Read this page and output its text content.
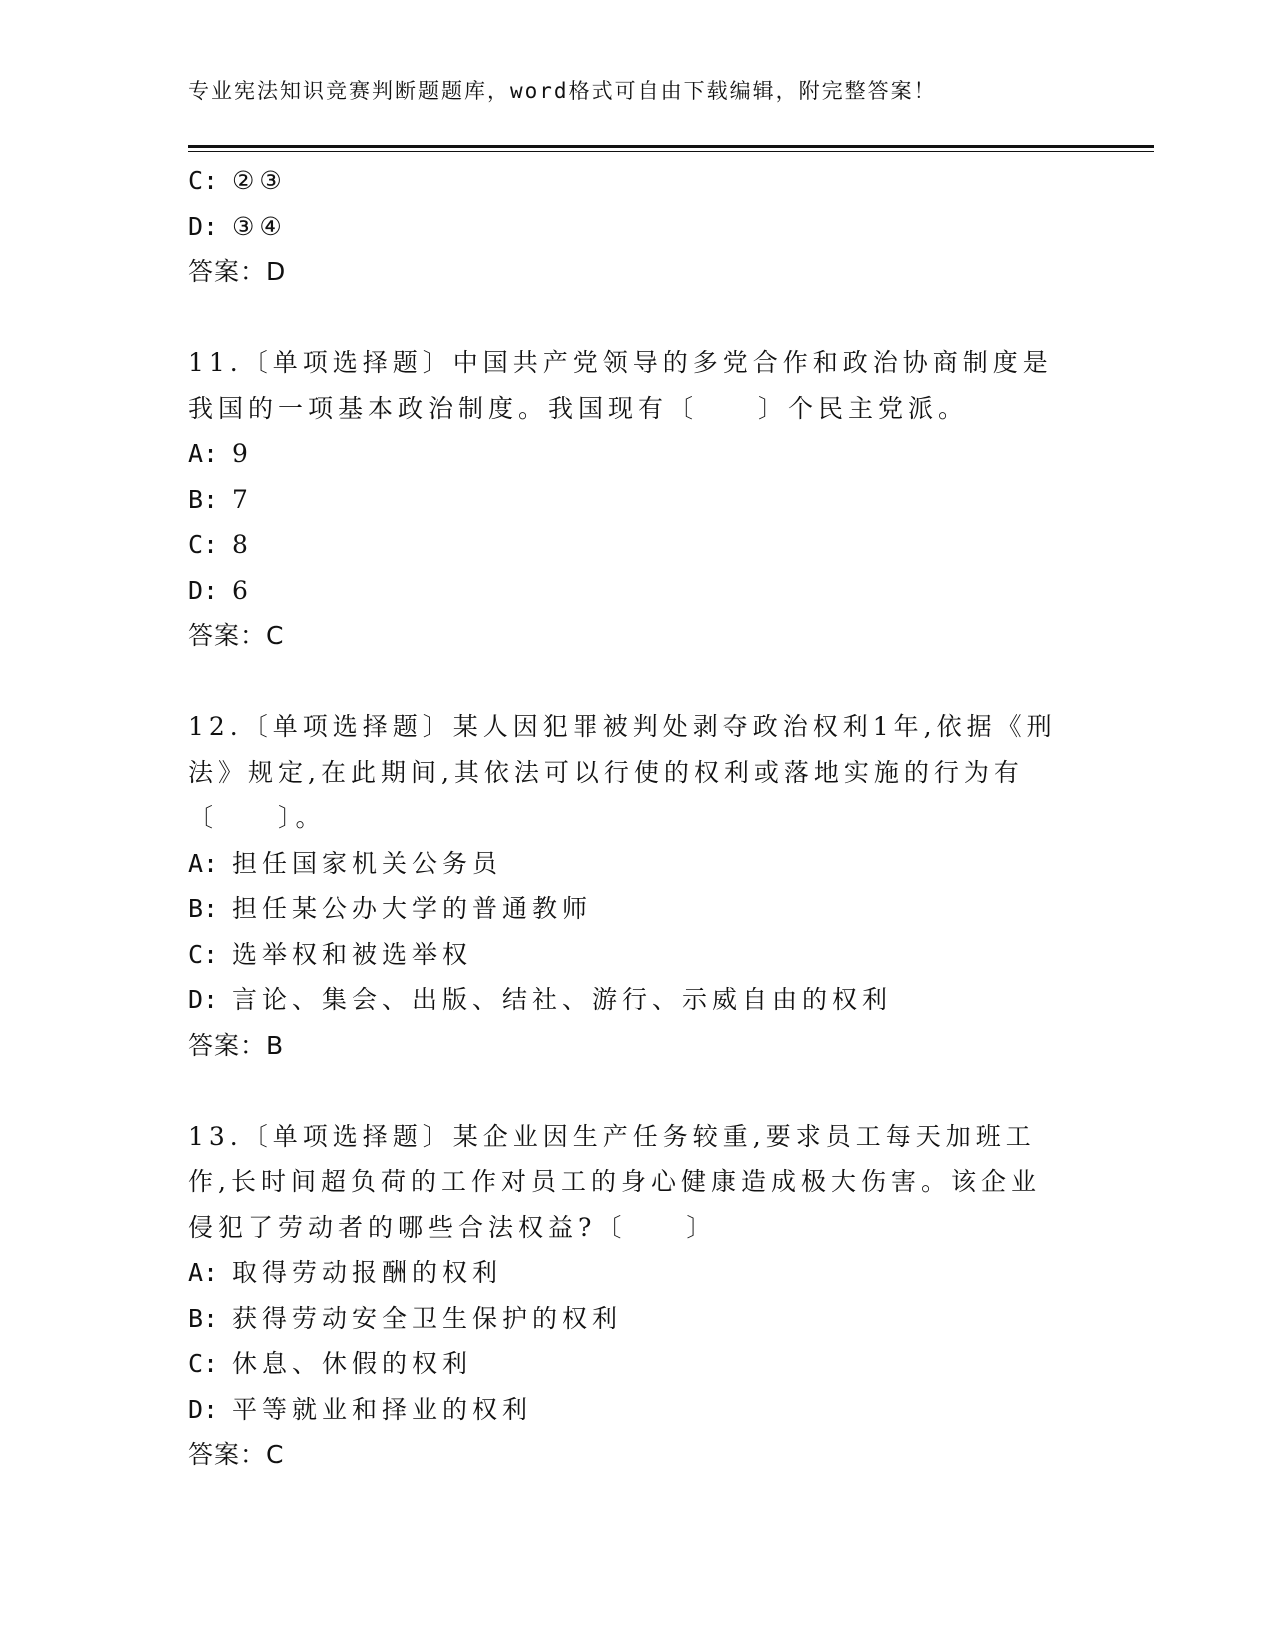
专业宪法知识竞赛判断题题库，word格式可自由下载编辑，附完整答案！
C: ②③
D: ③④
答案：D
11.〔单项选择题〕中国共产党领导的多党合作和政治协商制度是我国的一项基本政治制度。我国现有〔　　〕个民主党派。
A: 9
B: 7
C: 8
D: 6
答案：C
12.〔单项选择题〕某人因犯罪被判处剥夺政治权利1年,依据《刑法》规定,在此期间,其依法可以行使的权利或落地实施的行为有〔　　〕。
A: 担任国家机关公务员
B: 担任某公办大学的普通教师
C: 选举权和被选举权
D: 言论、集会、出版、结社、游行、示威自由的权利
答案：B
13.〔单项选择题〕某企业因生产任务较重,要求员工每天加班工作,长时间超负荷的工作对员工的身心健康造成极大伤害。该企业侵犯了劳动者的哪些合法权益?〔　　〕
A: 取得劳动报酬的权利
B: 获得劳动安全卫生保护的权利
C: 休息、休假的权利
D: 平等就业和择业的权利
答案：C
